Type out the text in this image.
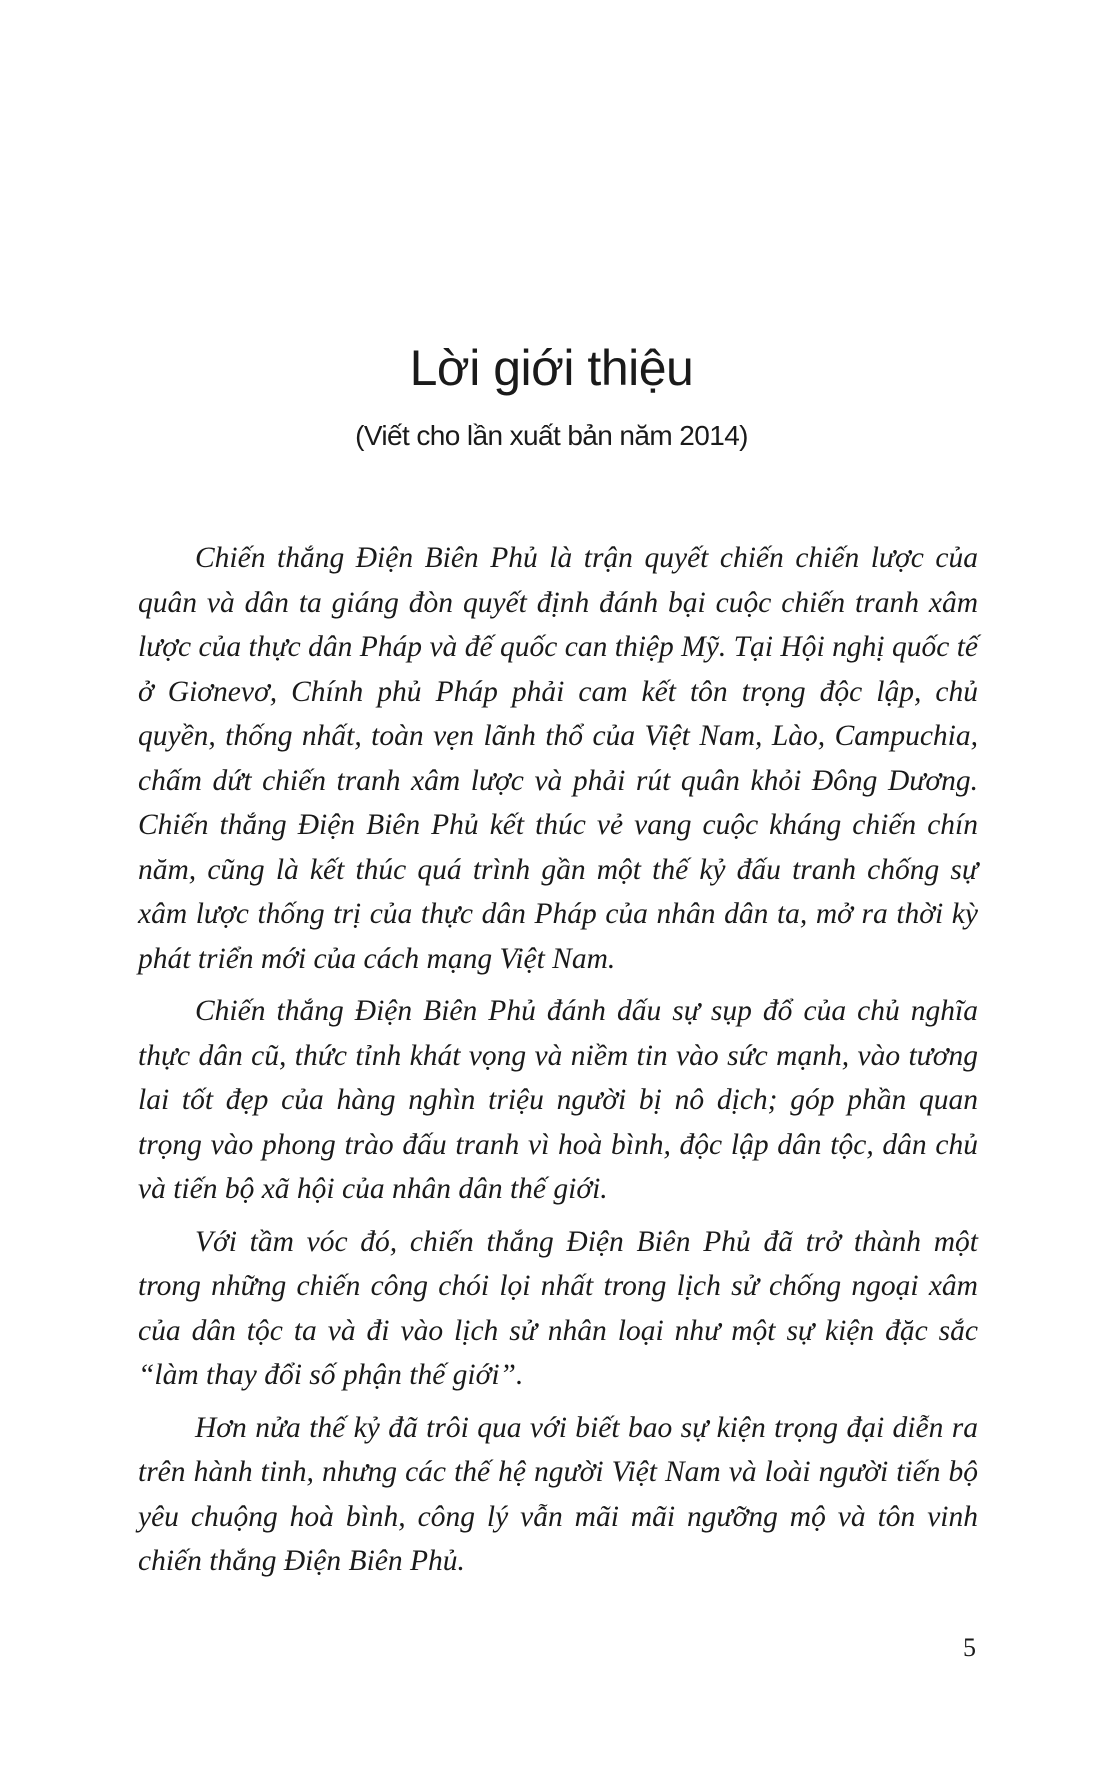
Lời giới thiệu
(Viết cho lần xuất bản năm 2014)

Chiến thắng Điện Biên Phủ là trận quyết chiến chiến lược của quân và dân ta giáng đòn quyết định đánh bại cuộc chiến tranh xâm lược của thực dân Pháp và đế quốc can thiệp Mỹ. Tại Hội nghị quốc tế ở Giơnevơ, Chính phủ Pháp phải cam kết tôn trọng độc lập, chủ quyền, thống nhất, toàn vẹn lãnh thổ của Việt Nam, Lào, Campuchia, chấm dứt chiến tranh xâm lược và phải rút quân khỏi Đông Dương. Chiến thắng Điện Biên Phủ kết thúc vẻ vang cuộc kháng chiến chín năm, cũng là kết thúc quá trình gần một thế kỷ đấu tranh chống sự xâm lược thống trị của thực dân Pháp của nhân dân ta, mở ra thời kỳ phát triển mới của cách mạng Việt Nam.

Chiến thắng Điện Biên Phủ đánh dấu sự sụp đổ của chủ nghĩa thực dân cũ, thức tỉnh khát vọng và niềm tin vào sức mạnh, vào tương lai tốt đẹp của hàng nghìn triệu người bị nô dịch; góp phần quan trọng vào phong trào đấu tranh vì hoà bình, độc lập dân tộc, dân chủ và tiến bộ xã hội của nhân dân thế giới.

Với tầm vóc đó, chiến thắng Điện Biên Phủ đã trở thành một trong những chiến công chói lọi nhất trong lịch sử chống ngoại xâm của dân tộc ta và đi vào lịch sử nhân loại như một sự kiện đặc sắc “làm thay đổi số phận thế giới”.

Hơn nửa thế kỷ đã trôi qua với biết bao sự kiện trọng đại diễn ra trên hành tinh, nhưng các thế hệ người Việt Nam và loài người tiến bộ yêu chuộng hoà bình, công lý vẫn mãi mãi ngưỡng mộ và tôn vinh chiến thắng Điện Biên Phủ.

5
